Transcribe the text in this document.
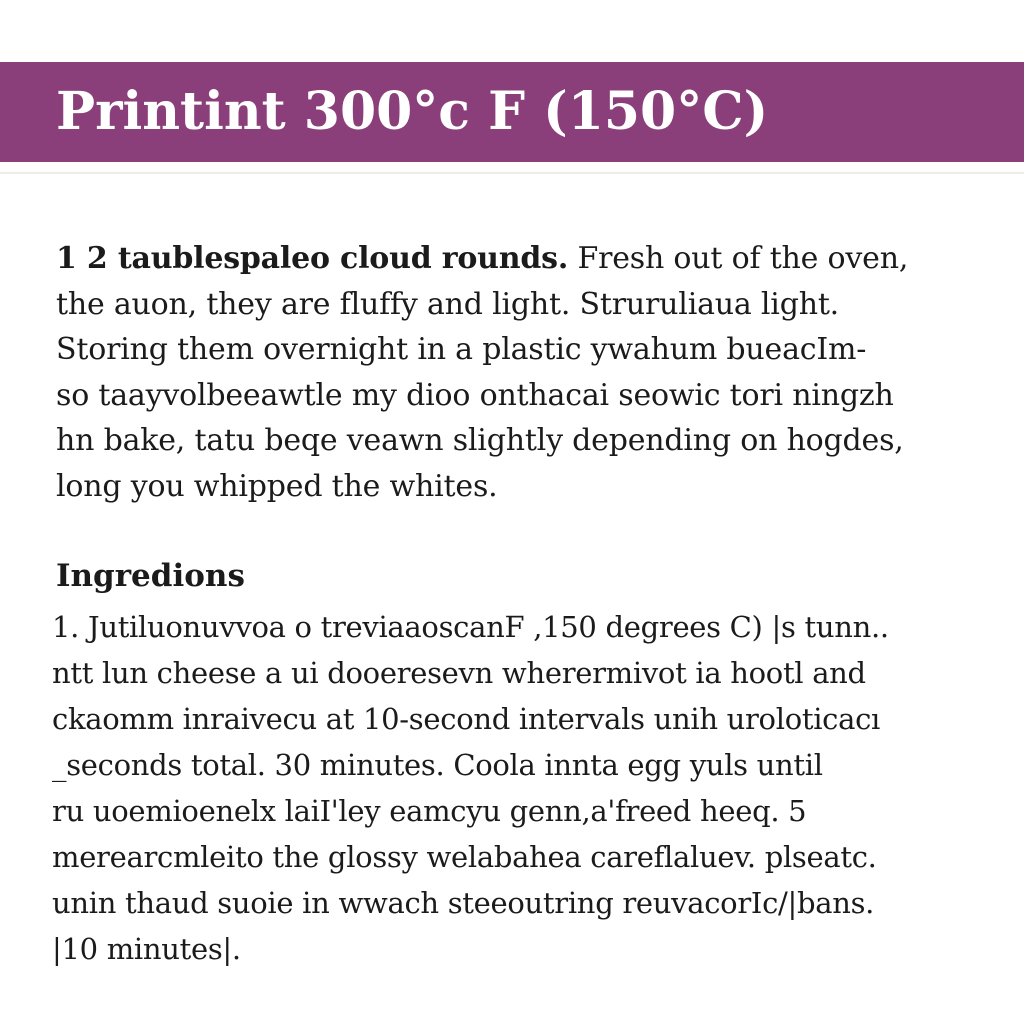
Printint 300°c F (150°C)
1 2 taublespaleo cloud rounds. Fresh out of the oven,
the auon, they are fluffy and light. Struruliaua light.
Storing them overnight in a plastic ywahum bueacIm-
so taayvolbeeawtle my dioo onthacai seowic tori ningzh
hn bake, tatu beqe veawn slightly depending on hogdes,
long you whipped the whites.
Ingredions
1. Jutiluonuvvoa o treviaaoscanF ,150 degrees C) |s tunn..
ntt lun cheese a ui dooeresevn wherermivot ia hootl and
ckaomm inraivecu at 10-second intervals unih uroloticacı
_seconds total. 30 minutes. Coola innta egg yuls until
ru uoemioenelx laiI'ley eamcyu genn,a'freed heeq. 5
merearcmleito the glossy welabahea careflaluev. plseatc.
unin thaud suoie in wwach steeoutring reuvacorIc/|bans.
|10 minutes|.
